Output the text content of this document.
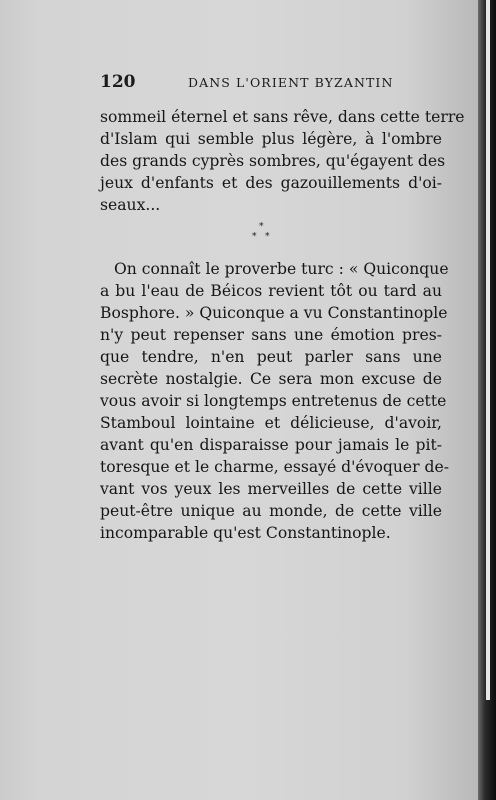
120	DANS L'ORIENT BYZANTIN
sommeil éternel et sans rêve, dans cette terre
d'Islam qui semble plus légère, à l'ombre
des grands cyprès sombres, qu'égayent des
jeux d'enfants et des gazouillements d'oi-
seaux...
*
* *
On connaît le proverbe turc : « Quiconque
a bu l'eau de Béicos revient tôt ou tard au
Bosphore. » Quiconque a vu Constantinople
n'y peut repenser sans une émotion pres-
que tendre, n'en peut parler sans une
secrète nostalgie. Ce sera mon excuse de
vous avoir si longtemps entretenus de cette
Stamboul lointaine et délicieuse, d'avoir,
avant qu'en disparaisse pour jamais le pit-
toresque et le charme, essayé d'évoquer de-
vant vos yeux les merveilles de cette ville
peut-être unique au monde, de cette ville
incomparable qu'est Constantinople.
